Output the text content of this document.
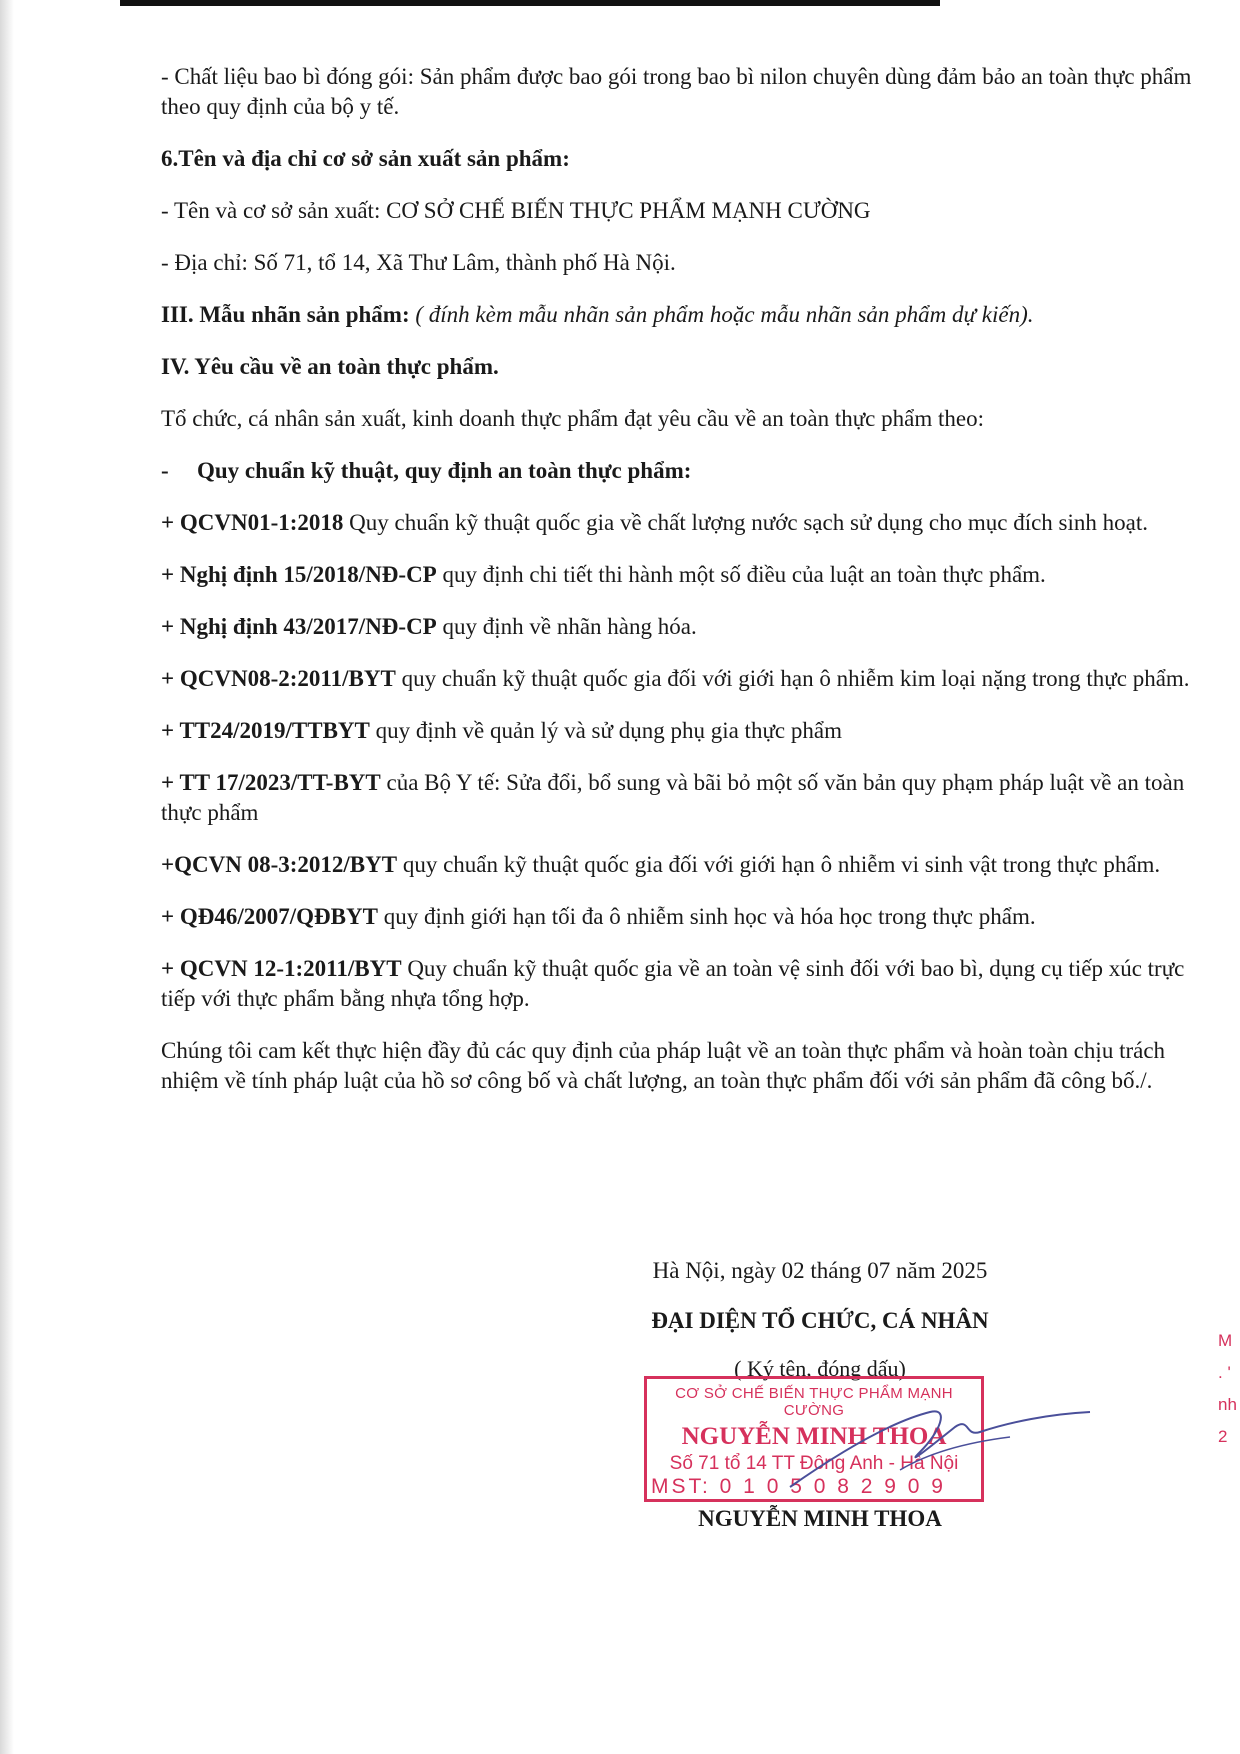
- Chất liệu bao bì đóng gói: Sản phẩm được bao gói trong bao bì nilon chuyên dùng đảm bảo an toàn thực phẩm theo quy định của bộ y tế.

6.Tên và địa chỉ cơ sở sản xuất sản phẩm:

- Tên và cơ sở sản xuất: CƠ SỞ CHẾ BIẾN THỰC PHẨM MẠNH CƯỜNG

- Địa chỉ: Số 71, tổ 14, Xã Thư Lâm, thành phố Hà Nội.

III. Mẫu nhãn sản phẩm: ( đính kèm mẫu nhãn sản phẩm hoặc mẫu nhãn sản phẩm dự kiến).

IV. Yêu cầu về an toàn thực phẩm.

Tổ chức, cá nhân sản xuất, kinh doanh thực phẩm đạt yêu cầu về an toàn thực phẩm theo:

- Quy chuẩn kỹ thuật, quy định an toàn thực phẩm:

+ QCVN01-1:2018 Quy chuẩn kỹ thuật quốc gia về chất lượng nước sạch sử dụng cho mục đích sinh hoạt.

+ Nghị định 15/2018/NĐ-CP quy định chi tiết thi hành một số điều của luật an toàn thực phẩm.

+ Nghị định 43/2017/NĐ-CP quy định về nhãn hàng hóa.

+ QCVN08-2:2011/BYT quy chuẩn kỹ thuật quốc gia đối với giới hạn ô nhiễm kim loại nặng trong thực phẩm.

+ TT24/2019/TTBYT quy định về quản lý và sử dụng phụ gia thực phẩm

+ TT 17/2023/TT-BYT của Bộ Y tế: Sửa đổi, bổ sung và bãi bỏ một số văn bản quy phạm pháp luật về an toàn thực phẩm

+QCVN 08-3:2012/BYT quy chuẩn kỹ thuật quốc gia đối với giới hạn ô nhiễm vi sinh vật trong thực phẩm.

+ QĐ46/2007/QĐBYT quy định giới hạn tối đa ô nhiễm sinh học và hóa học trong thực phẩm.

+ QCVN 12-1:2011/BYT Quy chuẩn kỹ thuật quốc gia về an toàn vệ sinh đối với bao bì, dụng cụ tiếp xúc trực tiếp với thực phẩm bằng nhựa tổng hợp.

Chúng tôi cam kết thực hiện đầy đủ các quy định của pháp luật về an toàn thực phẩm và hoàn toàn chịu trách nhiệm về tính pháp luật của hồ sơ công bố và chất lượng, an toàn thực phẩm đối với sản phẩm đã công bố./.

Hà Nội, ngày 02 tháng 07 năm 2025
ĐẠI DIỆN TỔ CHỨC, CÁ NHÂN
( Ký tên, đóng dấu)
CƠ SỞ CHẾ BIẾN THỰC PHẨM MẠNH CƯỜNG
NGUYỄN MINH THOA
Số 71 tổ 14 TT Đông Anh - Hà Nội
MST: 0 1 0 5 0 8 2 9 0 9
NGUYỄN MINH THOA
M
. '
nh
2
